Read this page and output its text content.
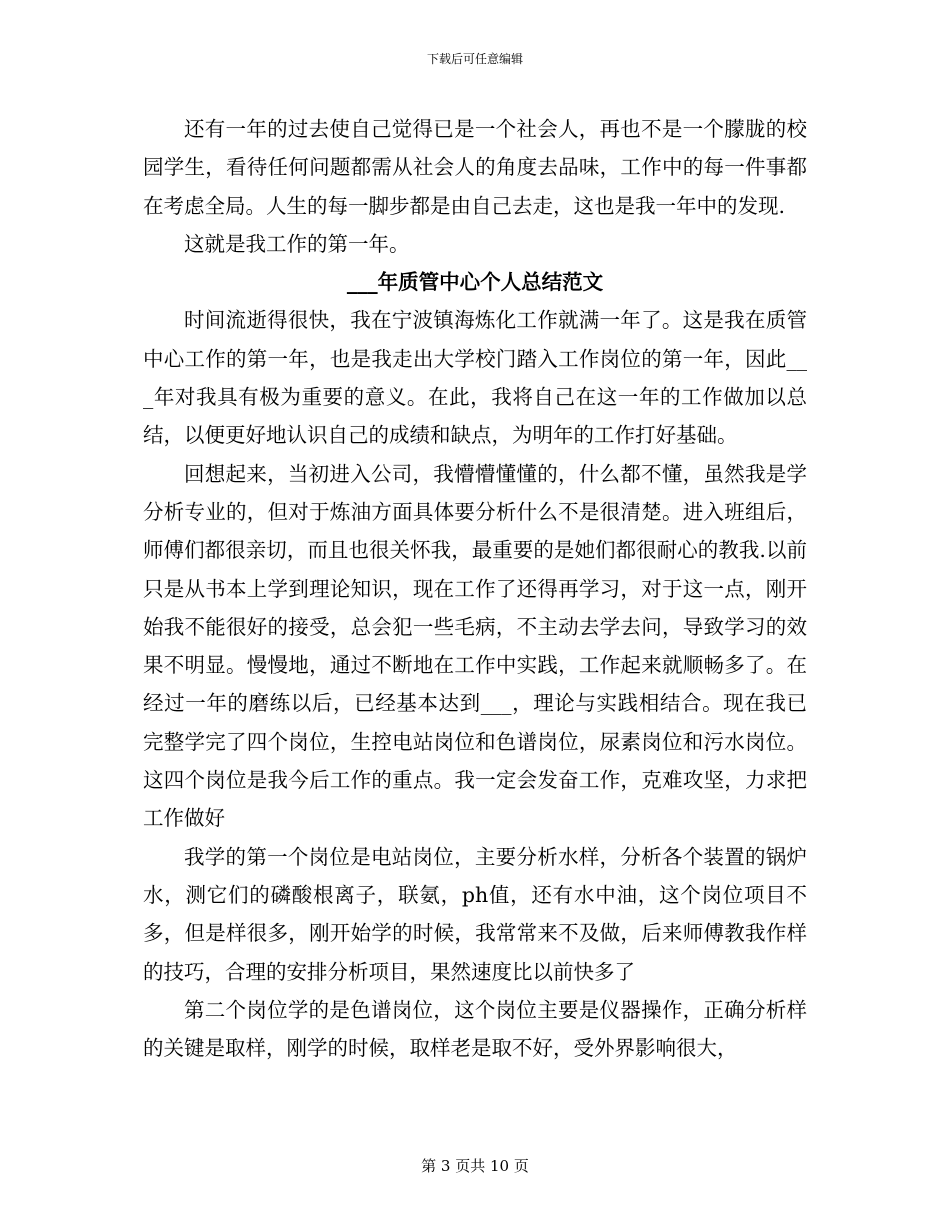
下载后可任意编辑

还有一年的过去使自己觉得已是一个社会人，再也不是一个朦胧的校园学生，看待任何问题都需从社会人的角度去品味，工作中的每一件事都在考虑全局。人生的每一脚步都是由自己去走，这也是我一年中的发现.

这就是我工作的第一年。

___年质管中心个人总结范文

时间流逝得很快，我在宁波镇海炼化工作就满一年了。这是我在质管中心工作的第一年，也是我走出大学校门踏入工作岗位的第一年，因此___年对我具有极为重要的意义。在此，我将自己在这一年的工作做加以总结，以便更好地认识自己的成绩和缺点，为明年的工作打好基础。

回想起来，当初进入公司，我懵懵懂懂的，什么都不懂，虽然我是学分析专业的，但对于炼油方面具体要分析什么不是很清楚。进入班组后，师傅们都很亲切，而且也很关怀我，最重要的是她们都很耐心的教我.以前只是从书本上学到理论知识，现在工作了还得再学习，对于这一点，刚开始我不能很好的接受，总会犯一些毛病，不主动去学去问，导致学习的效果不明显。慢慢地，通过不断地在工作中实践，工作起来就顺畅多了。在经过一年的磨练以后，已经基本达到___，理论与实践相结合。现在我已完整学完了四个岗位，生控电站岗位和色谱岗位，尿素岗位和污水岗位。这四个岗位是我今后工作的重点。我一定会发奋工作，克难攻坚，力求把工作做好

我学的第一个岗位是电站岗位，主要分析水样，分析各个装置的锅炉水，测它们的磷酸根离子，联氨，ph值，还有水中油，这个岗位项目不多，但是样很多，刚开始学的时候，我常常来不及做，后来师傅教我作样的技巧，合理的安排分析项目，果然速度比以前快多了

第二个岗位学的是色谱岗位，这个岗位主要是仪器操作，正确分析样的关键是取样，刚学的时候，取样老是取不好，受外界影响很大，

第 3 页共 10 页
